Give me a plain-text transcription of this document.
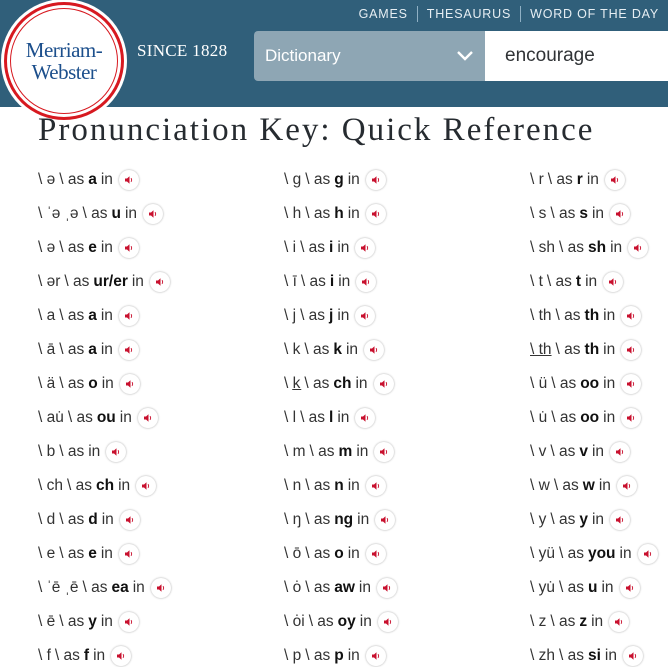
Merriam-
Webster
SINCE 1828
GAMES	THESAURUS	WORD OF THE DAY
Dictionary	encourage
Pronunciation Key: Quick Reference
\ ə \ as a in
\ ˈə ˌə \ as u in
\ ə \ as e in
\ ər \ as ur/er in
\ a \ as a in
\ ā \ as a in
\ ä \ as o in
\ au̇ \ as ou in
\ b \ as in
\ ch \ as ch in
\ d \ as d in
\ e \ as e in
\ ˈē ˌē \ as ea in
\ ē \ as y in
\ f \ as f in
\ g \ as g in
\ h \ as h in
\ i \ as i in
\ ī \ as i in
\ j \ as j in
\ k \ as k in
\ k̲ \ as ch in
\ l \ as l in
\ m \ as m in
\ n \ as n in
\ ŋ \ as ng in
\ ō \ as o in
\ ȯ \ as aw in
\ ȯi \ as oy in
\ p \ as p in
\ r \ as r in
\ s \ as s in
\ sh \ as sh in
\ t \ as t in
\ th \ as th in
\ th \ as th in
\ ü \ as oo in
\ u̇ \ as oo in
\ v \ as v in
\ w \ as w in
\ y \ as y in
\ yü \ as you in
\ yu̇ \ as u in
\ z \ as z in
\ zh \ as si in
